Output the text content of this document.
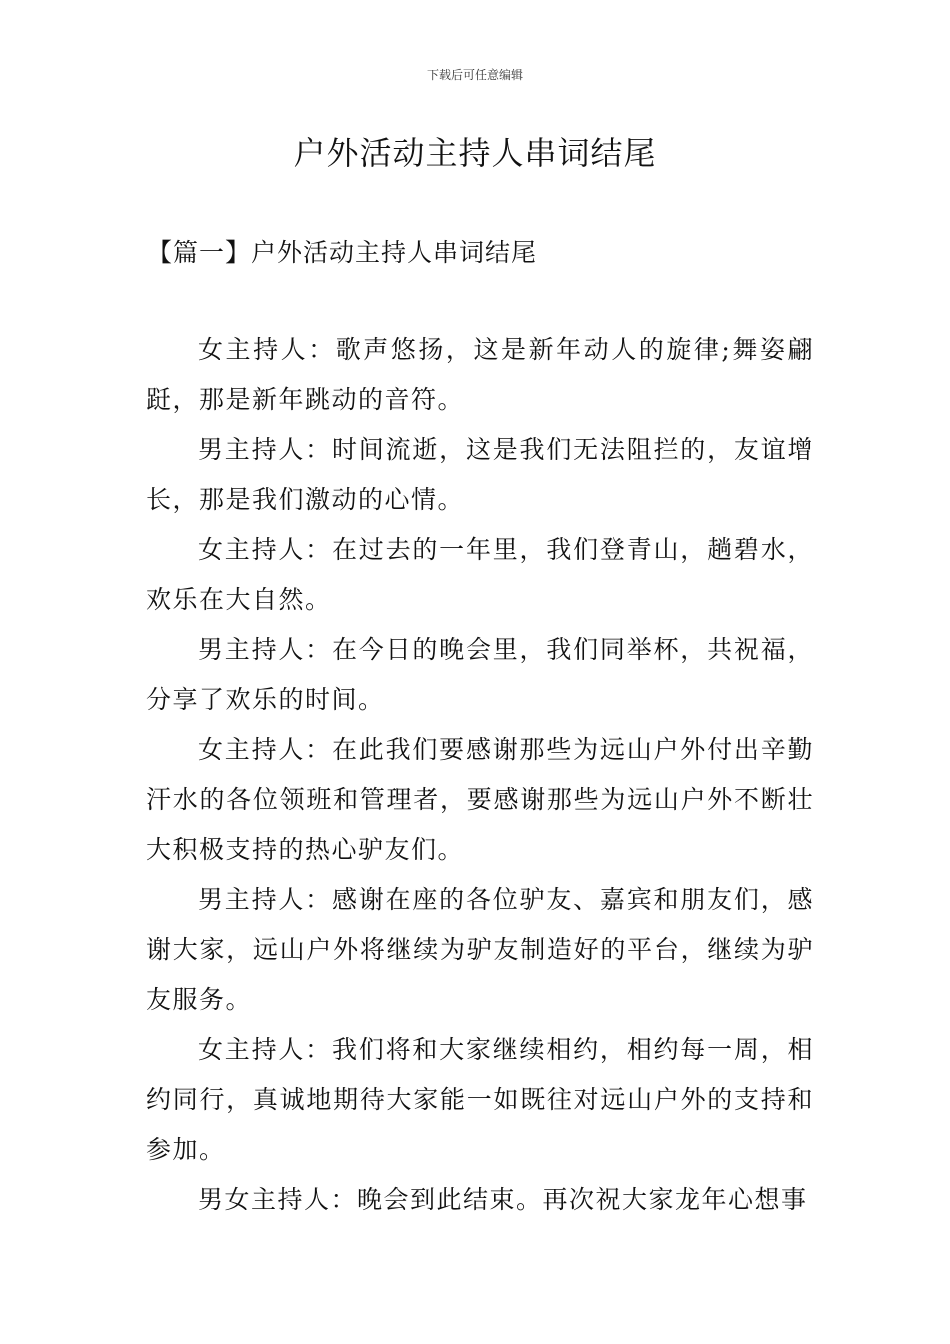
下载后可任意编辑
户外活动主持人串词结尾
【篇一】户外活动主持人串词结尾

女主持人：歌声悠扬，这是新年动人的旋律;舞姿翩跹，那是新年跳动的音符。

男主持人：时间流逝，这是我们无法阻拦的，友谊增长，那是我们激动的心情。

女主持人：在过去的一年里，我们登青山，趟碧水，欢乐在大自然。

男主持人：在今日的晚会里，我们同举杯，共祝福，分享了欢乐的时间。

女主持人：在此我们要感谢那些为远山户外付出辛勤汗水的各位领班和管理者，要感谢那些为远山户外不断壮大积极支持的热心驴友们。

男主持人：感谢在座的各位驴友、嘉宾和朋友们，感谢大家，远山户外将继续为驴友制造好的平台，继续为驴友服务。

女主持人：我们将和大家继续相约，相约每一周，相约同行，真诚地期待大家能一如既往对远山户外的支持和参加。

男女主持人：晚会到此结束。再次祝大家龙年心想事
